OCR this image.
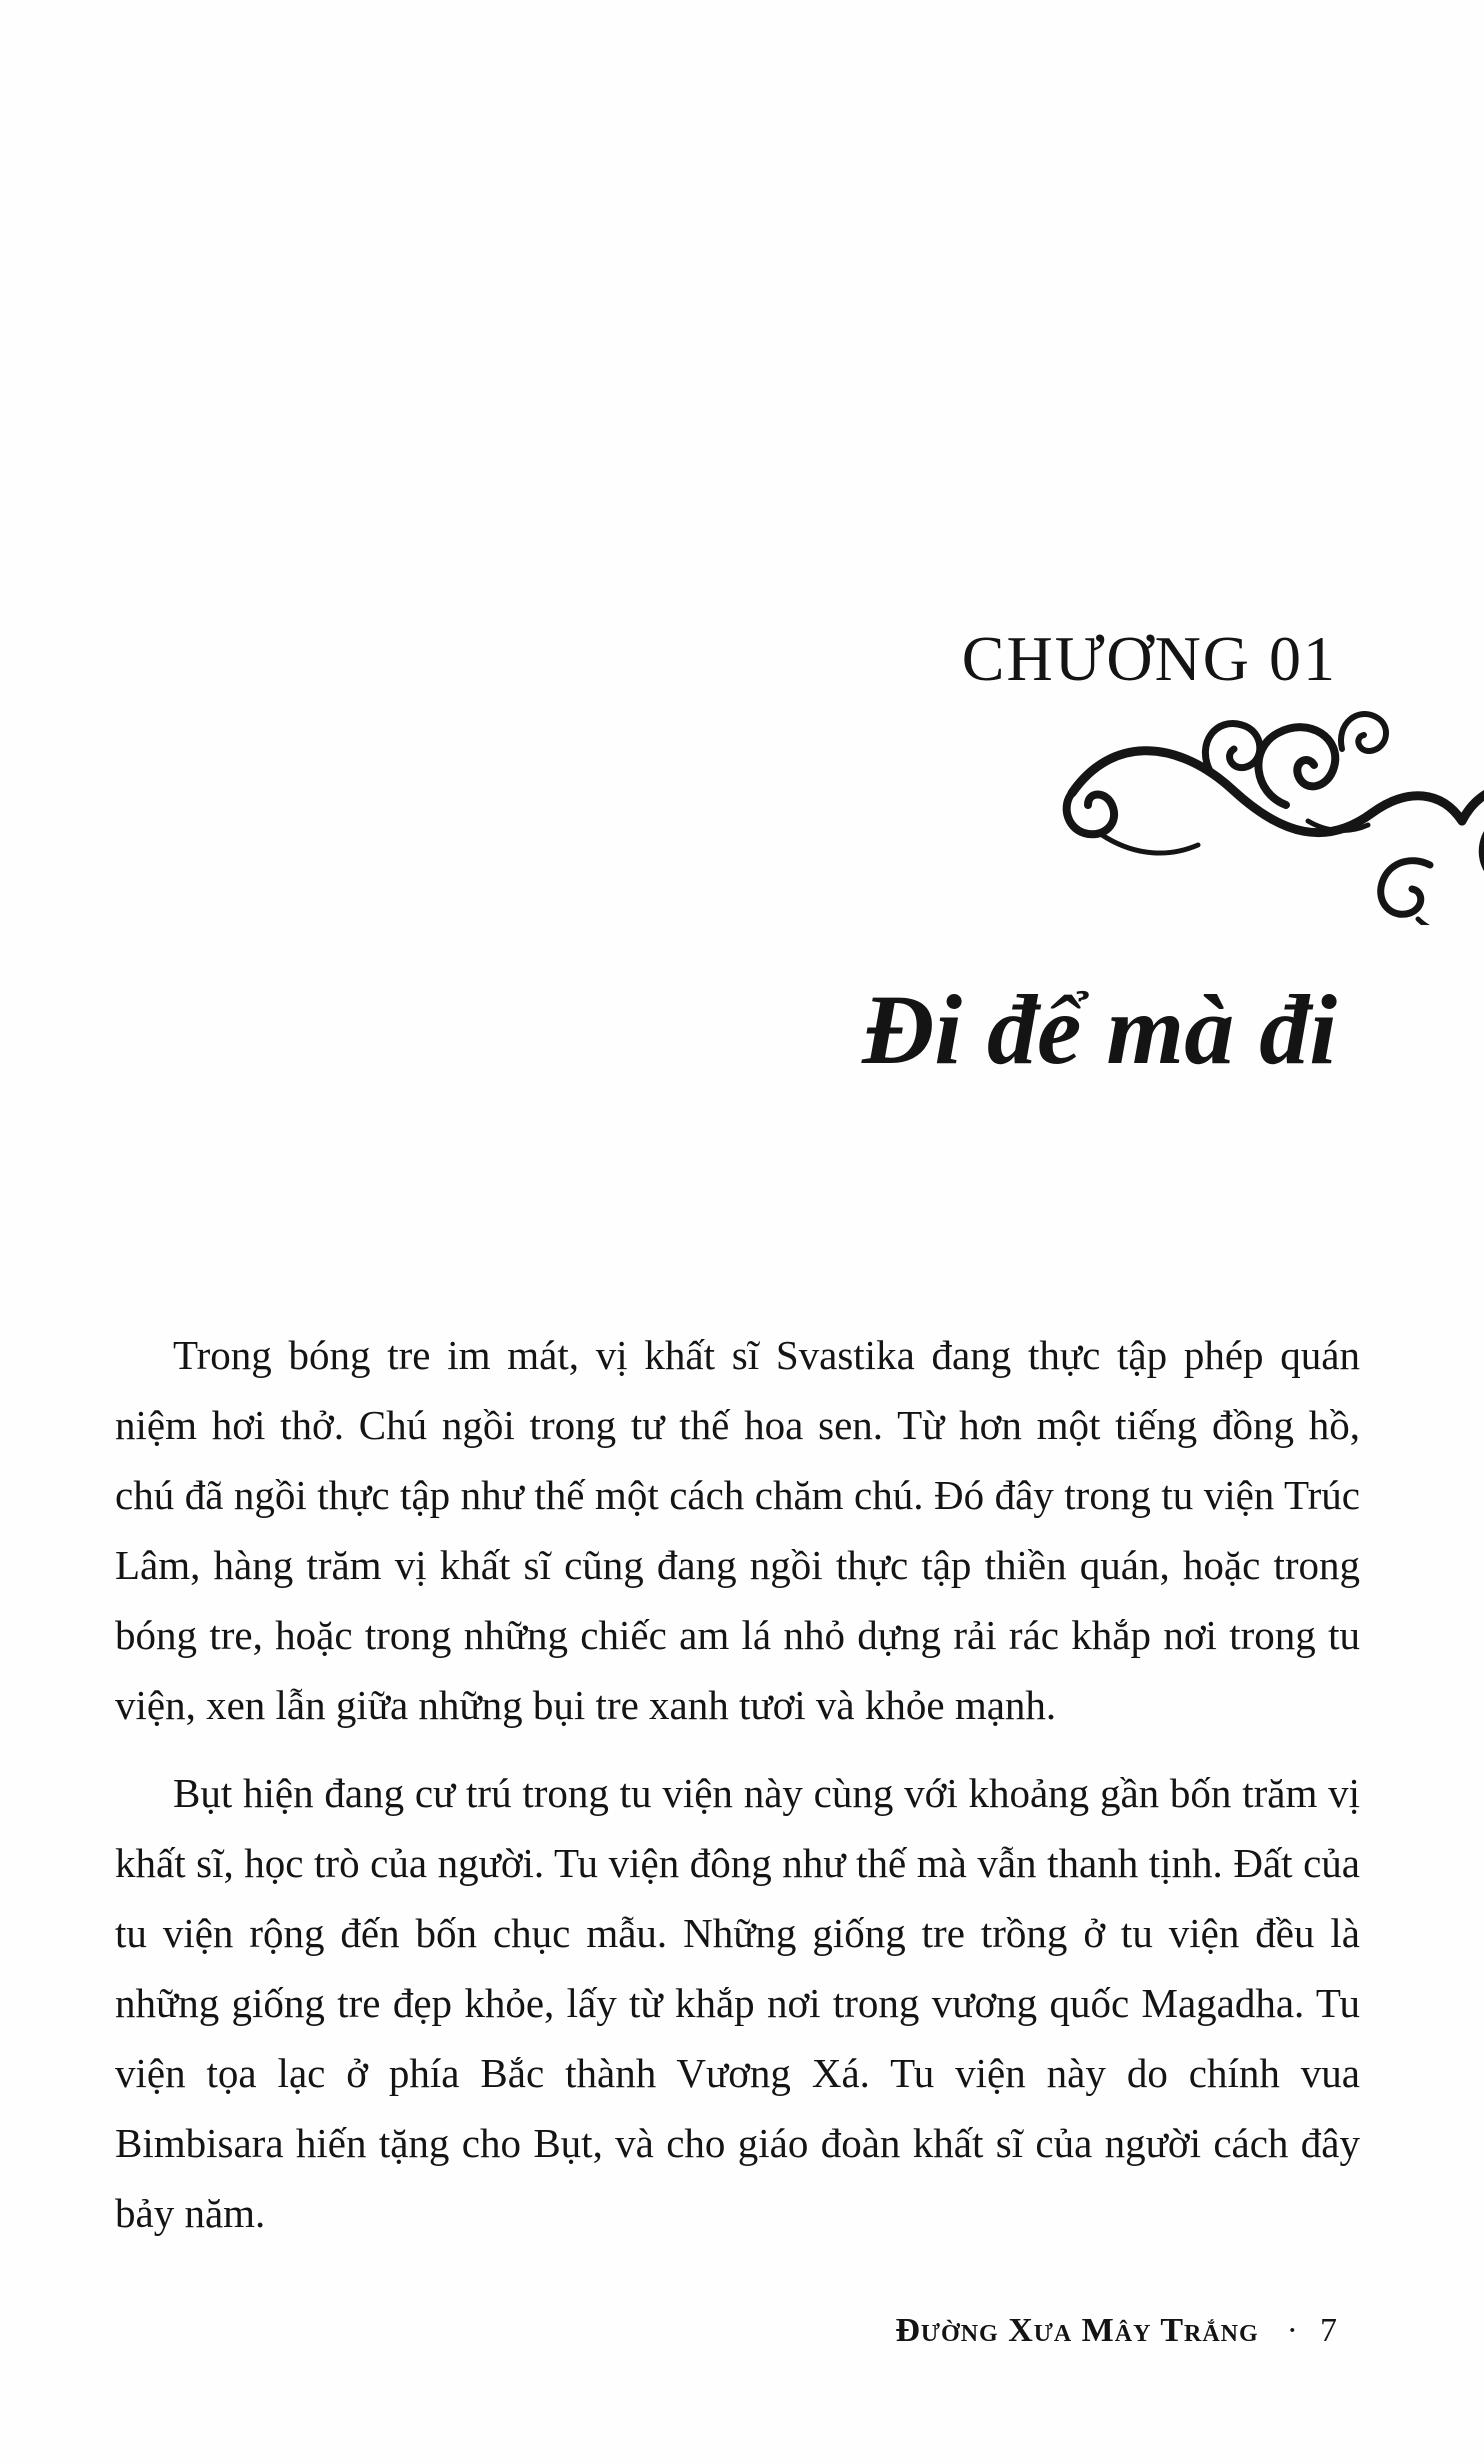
CHƯƠNG 01
Đi để mà đi

Trong bóng tre im mát, vị khất sĩ Svastika đang thực tập phép quán niệm hơi thở. Chú ngồi trong tư thế hoa sen. Từ hơn một tiếng đồng hồ, chú đã ngồi thực tập như thế một cách chăm chú. Đó đây trong tu viện Trúc Lâm, hàng trăm vị khất sĩ cũng đang ngồi thực tập thiền quán, hoặc trong bóng tre, hoặc trong những chiếc am lá nhỏ dựng rải rác khắp nơi trong tu viện, xen lẫn giữa những bụi tre xanh tươi và khỏe mạnh.

Bụt hiện đang cư trú trong tu viện này cùng với khoảng gần bốn trăm vị khất sĩ, học trò của người. Tu viện đông như thế mà vẫn thanh tịnh. Đất của tu viện rộng đến bốn chục mẫu. Những giống tre trồng ở tu viện đều là những giống tre đẹp khỏe, lấy từ khắp nơi trong vương quốc Magadha. Tu viện tọa lạc ở phía Bắc thành Vương Xá. Tu viện này do chính vua Bimbisara hiến tặng cho Bụt, và cho giáo đoàn khất sĩ của người cách đây bảy năm.

Đường Xưa Mây Trắng · 7
